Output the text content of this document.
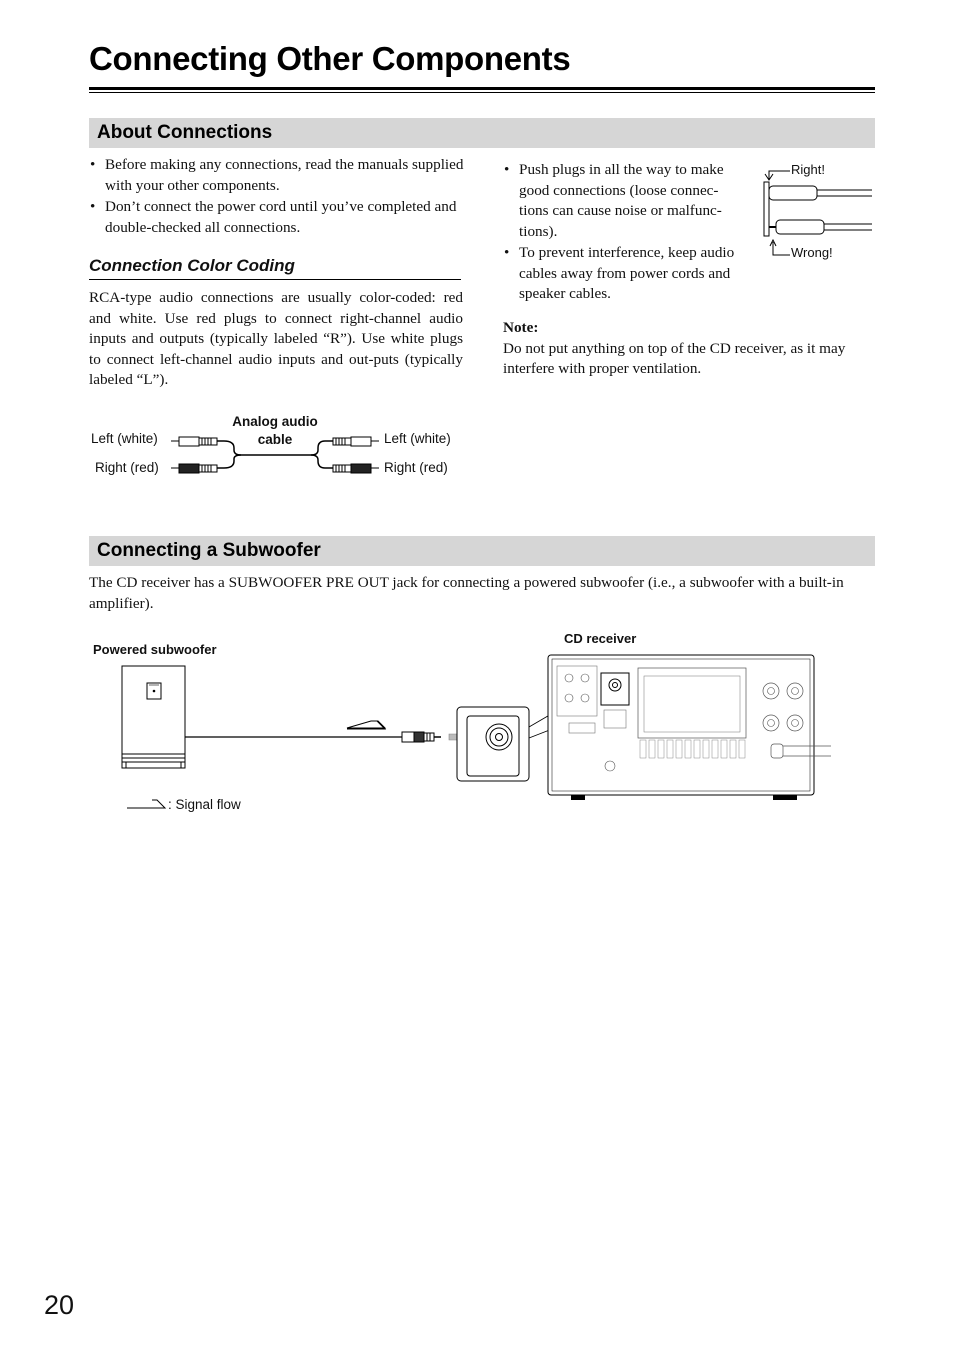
Connecting Other Components
About Connections
• Before making any connections, read the manuals supplied with your other components.
• Don’t connect the power cord until you’ve completed and double-checked all connections.
Connection Color Coding
RCA-type audio connections are usually color-coded: red and white. Use red plugs to connect right-channel audio inputs and outputs (typically labeled “R”). Use white plugs to connect left-channel audio inputs and out-puts (typically labeled “L”).
Analog audio
cable
Left (white)
Right (red)
Left (white)
Right (red)
• Push plugs in all the way to make good connections (loose connec-tions can cause noise or malfunc-tions).
• To prevent interference, keep audio cables away from power cords and speaker cables.
Right!
Wrong!
Note:
Do not put anything on top of the CD receiver, as it may interfere with proper ventilation.
Connecting a Subwoofer
The CD receiver has a SUBWOOFER PRE OUT jack for connecting a powered subwoofer (i.e., a subwoofer with a built-in amplifier).
Powered subwoofer
CD receiver
: Signal flow
20
